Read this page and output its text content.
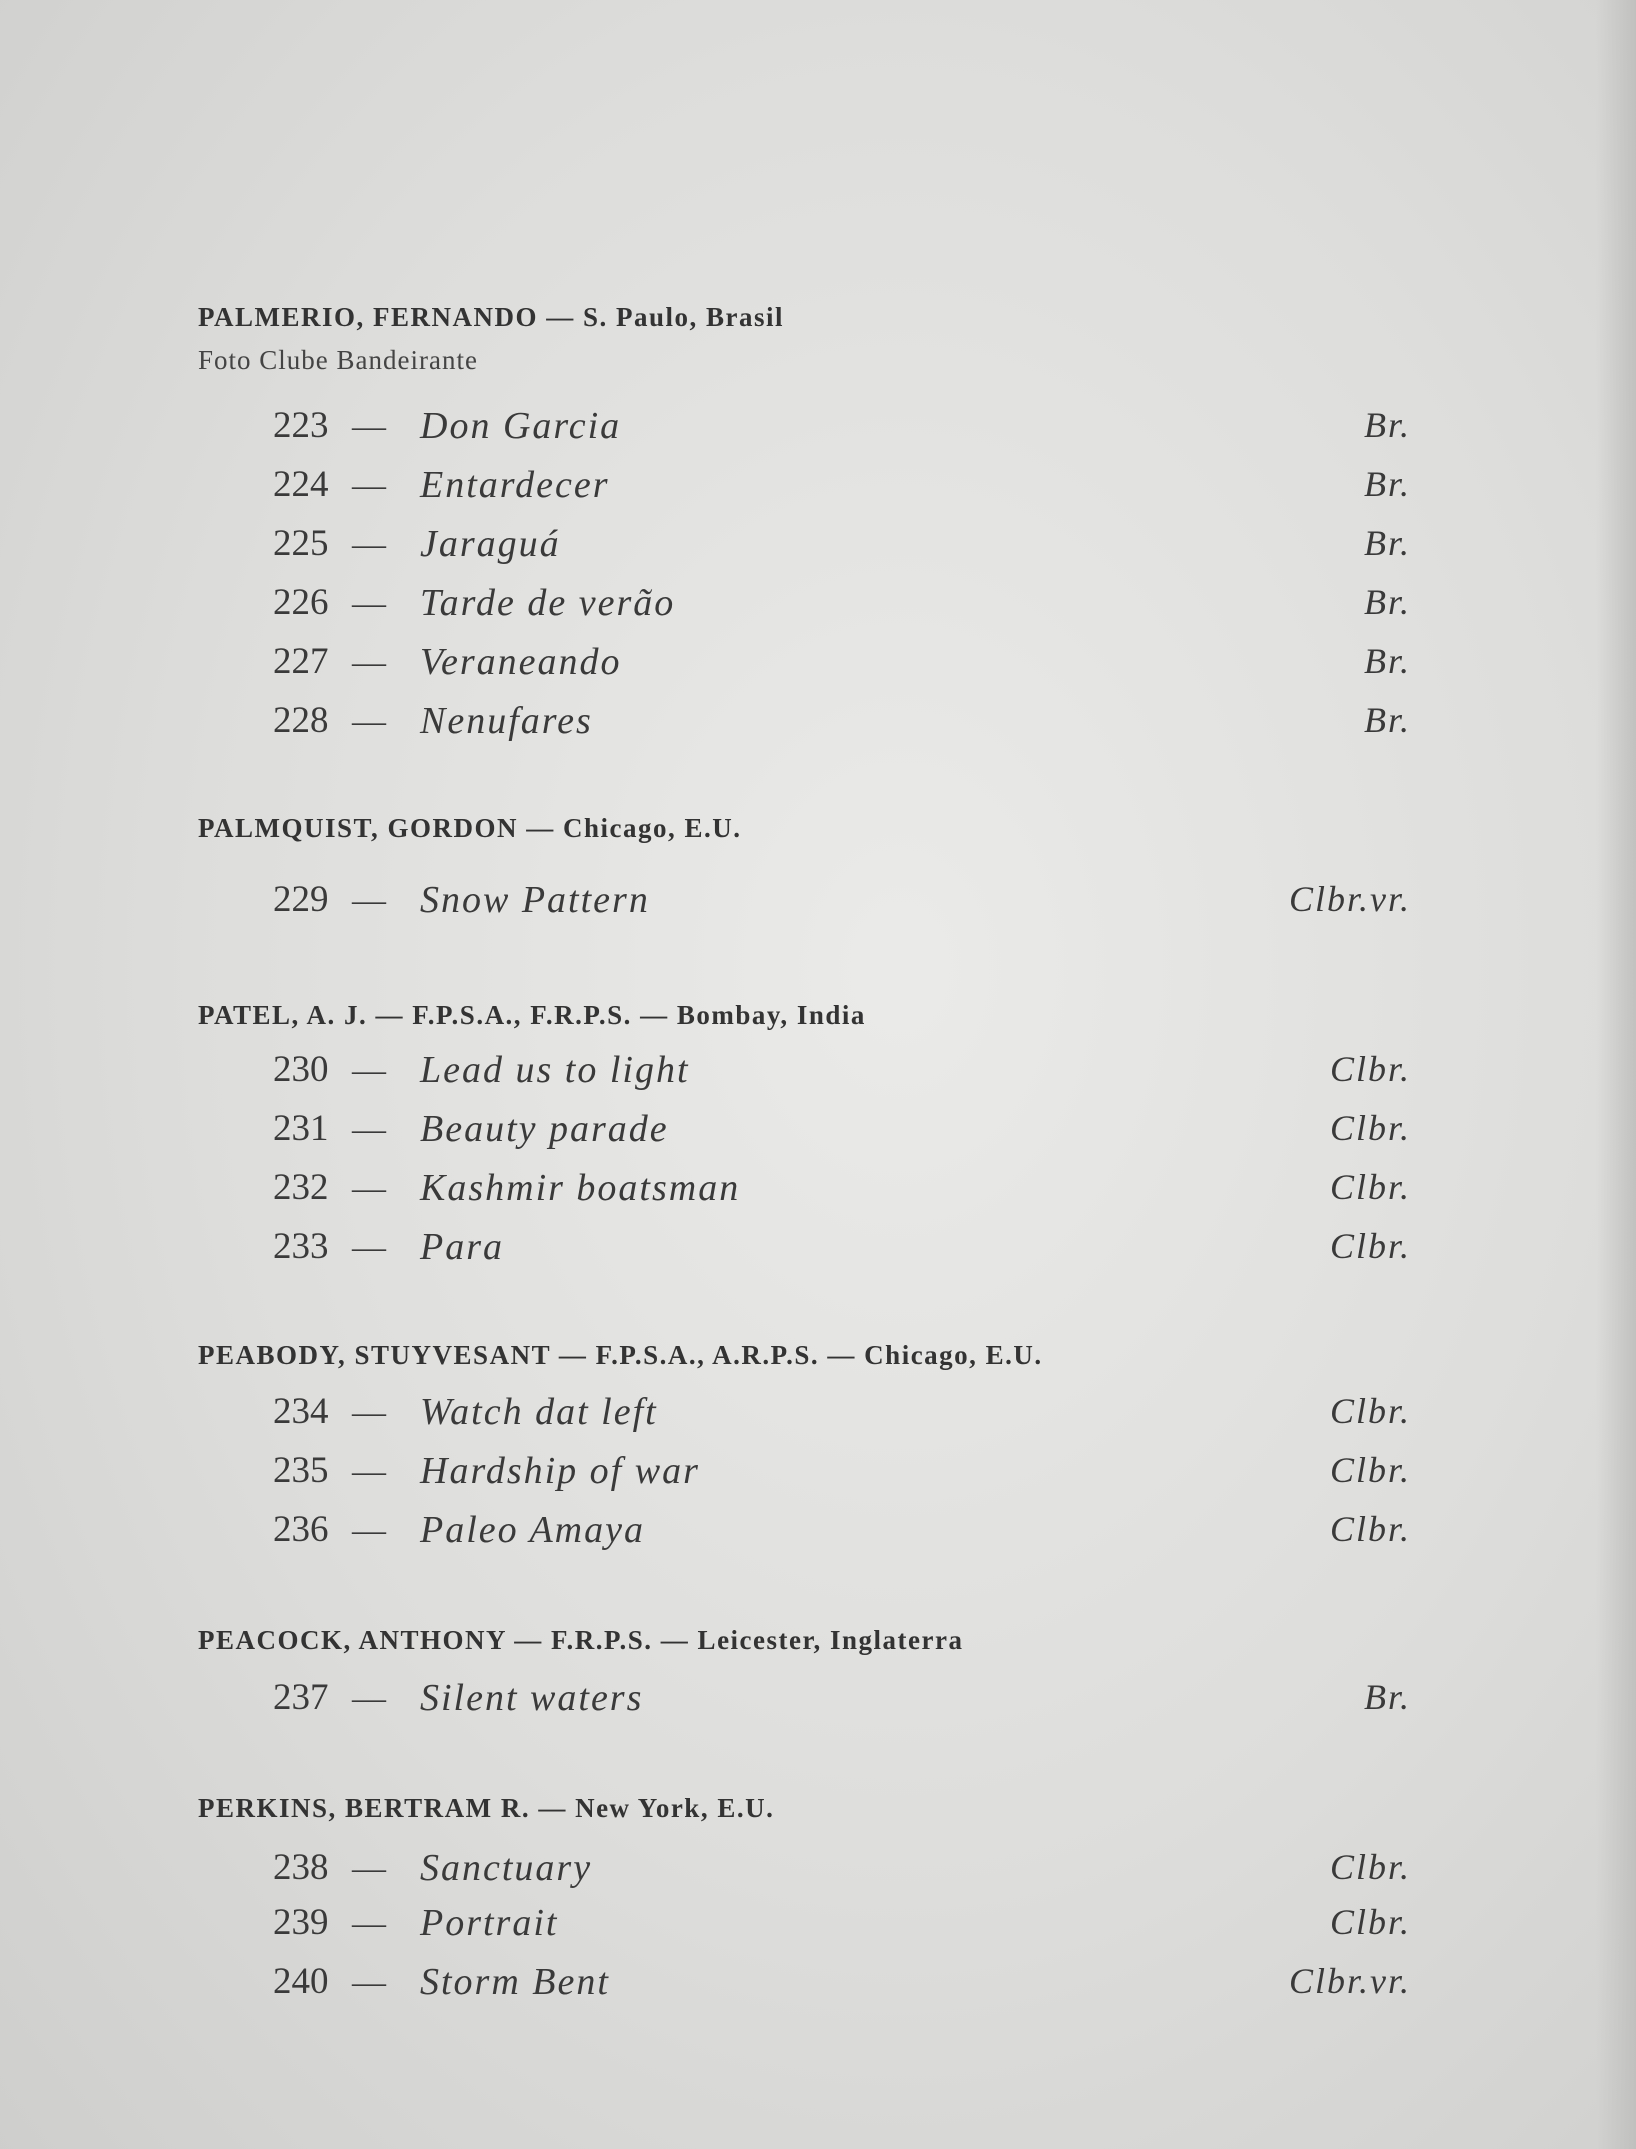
PALMERIO, FERNANDO — S. Paulo, Brasil
Foto Clube Bandeirante
223 — Don Garcia	Br.
224 — Entardecer	Br.
225 — Jaraguá	Br.
226 — Tarde de verão	Br.
227 — Veraneando	Br.
228 — Nenufares	Br.
PALMQUIST, GORDON — Chicago, E.U.
229 — Snow Pattern	Clbr.vr.
PATEL, A. J. — F.P.S.A., F.R.P.S. — Bombay, India
230 — Lead us to light	Clbr.
231 — Beauty parade	Clbr.
232 — Kashmir boatsman	Clbr.
233 — Para	Clbr.
PEABODY, STUYVESANT — F.P.S.A., A.R.P.S. — Chicago, E.U.
234 — Watch dat left	Clbr.
235 — Hardship of war	Clbr.
236 — Paleo Amaya	Clbr.
PEACOCK, ANTHONY — F.R.P.S. — Leicester, Inglaterra
237 — Silent waters	Br.
PERKINS, BERTRAM R. — New York, E.U.
238 — Sanctuary	Clbr.
239 — Portrait	Clbr.
240 — Storm Bent	Clbr.vr.
